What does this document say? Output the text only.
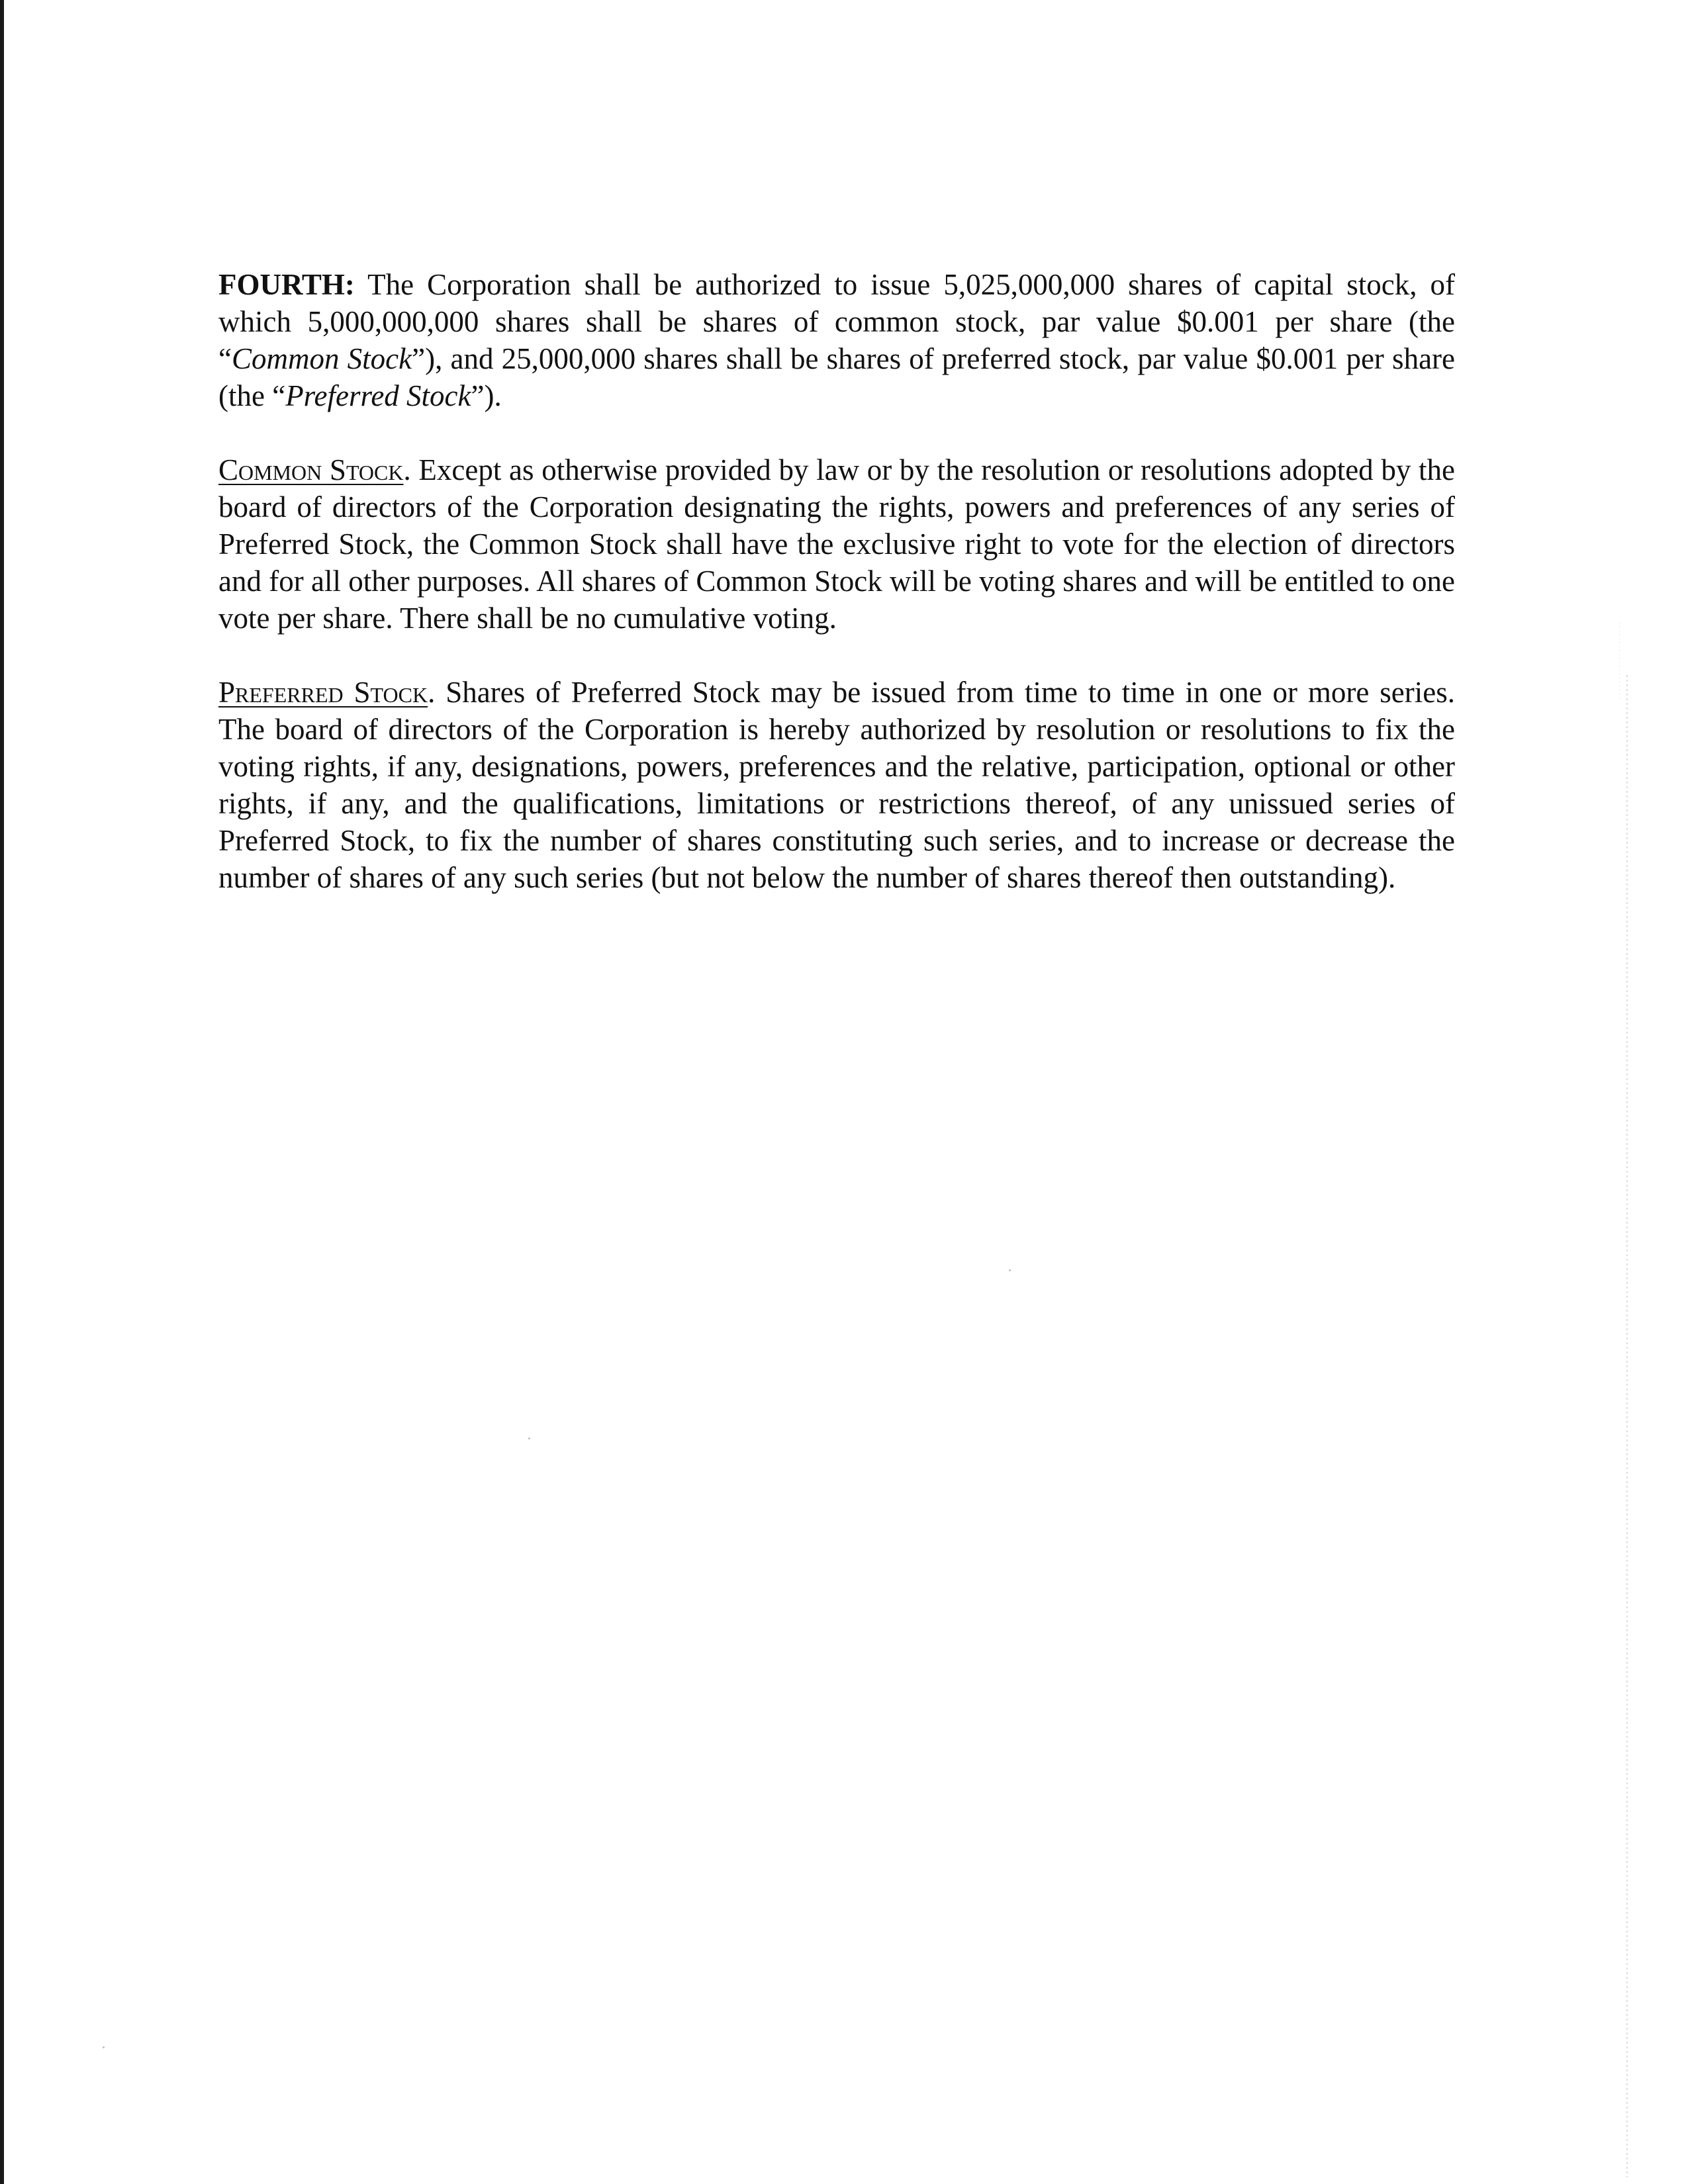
FOURTH: The Corporation shall be authorized to issue 5,025,000,000 shares of capital stock, of which 5,000,000,000 shares shall be shares of common stock, par value $0.001 per share (the “Common Stock”), and 25,000,000 shares shall be shares of preferred stock, par value $0.001 per share (the “Preferred Stock”).

Common Stock. Except as otherwise provided by law or by the resolution or resolutions adopted by the board of directors of the Corporation designating the rights, powers and preferences of any series of Preferred Stock, the Common Stock shall have the exclusive right to vote for the election of directors and for all other purposes. All shares of Common Stock will be voting shares and will be entitled to one vote per share. There shall be no cumulative voting.

Preferred Stock. Shares of Preferred Stock may be issued from time to time in one or more series. The board of directors of the Corporation is hereby authorized by resolution or resolutions to fix the voting rights, if any, designations, powers, preferences and the relative, participation, optional or other rights, if any, and the qualifications, limitations or restrictions thereof, of any unissued series of Preferred Stock, to fix the number of shares constituting such series, and to increase or decrease the number of shares of any such series (but not below the number of shares thereof then outstanding).
